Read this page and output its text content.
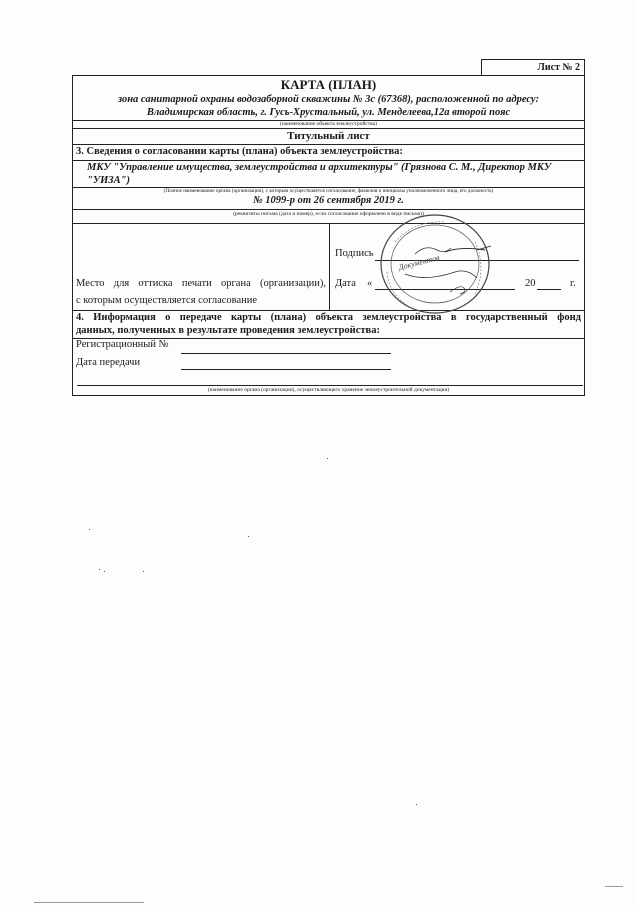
Лист № 2
КАРТА (ПЛАН)
зона санитарной охраны водозаборной скважины № 3с (67368), расположенной по адресу:
Владимирская область, г. Гусь-Хрустальный, ул. Менделеева,12а второй пояс
(наименование объекта землеустройства)
Титульный лист
3. Сведения о согласовании карты (плана) объекта землеустройства:
МКУ "Управление имущества, землеустройства и архитектуры" (Грязнова С. М., Директор МКУ
"УИЗА")
(Полное наименование органа (организации), с которым осуществляется согласование, фамилия и инициалы уполномоченного лица, его должность)
№ 1099-р от 26 сентября 2019 г.
(реквизиты письма (дата и номер), если согласование оформлено в виде письма))
Место для оттиска печати органа (организации),
с которым осуществляется согласование
Подпись
Дата «	20	г.
4. Информация о передаче карты (плана) объекта землеустройства в государственный фонд
данных, полученных в результате проведения землеустройства:
Регистрационный №
Дата передачи
(наименование органа (организации), осуществляющего хранение землеустроительной документации)
Документов
